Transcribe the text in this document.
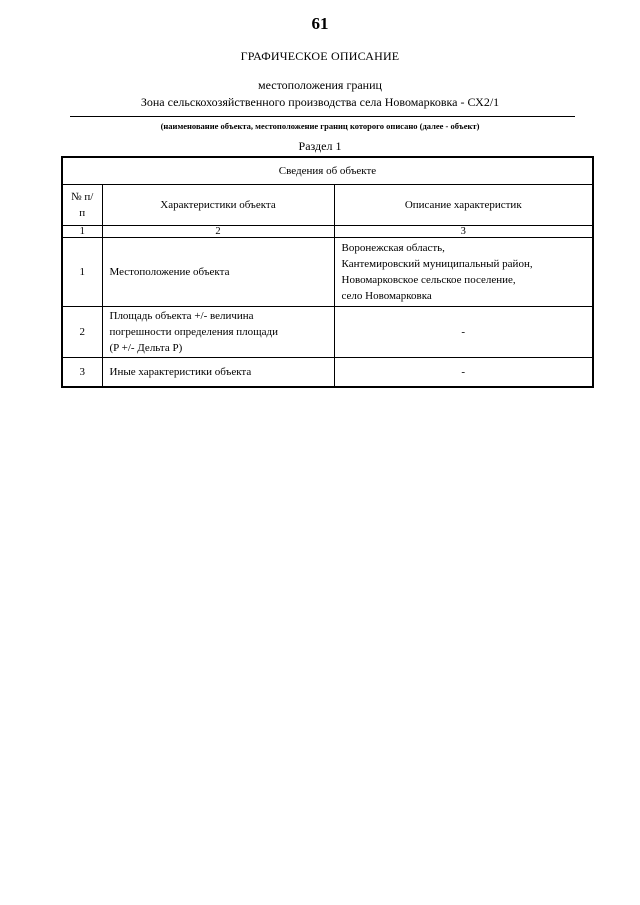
61
ГРАФИЧЕСКОЕ ОПИСАНИЕ
местоположения границ
Зона сельскохозяйственного производства села Новомарковка - СХ2/1
(наименование объекта, местоположение границ которого описано (далее - объект)
Раздел 1
Сведения об объекте		
№ п/п	Характеристики объекта	Описание характеристик
1	2	3
1	Местоположение объекта	Воронежская область,
Кантемировский муниципальный район,
Новомарковское сельское поселение,
село Новомарковка

2	Площадь объекта +/- величина
погрешности определения площади
(P +/- Дельта P)	-
3	Иные характеристики объекта	-
